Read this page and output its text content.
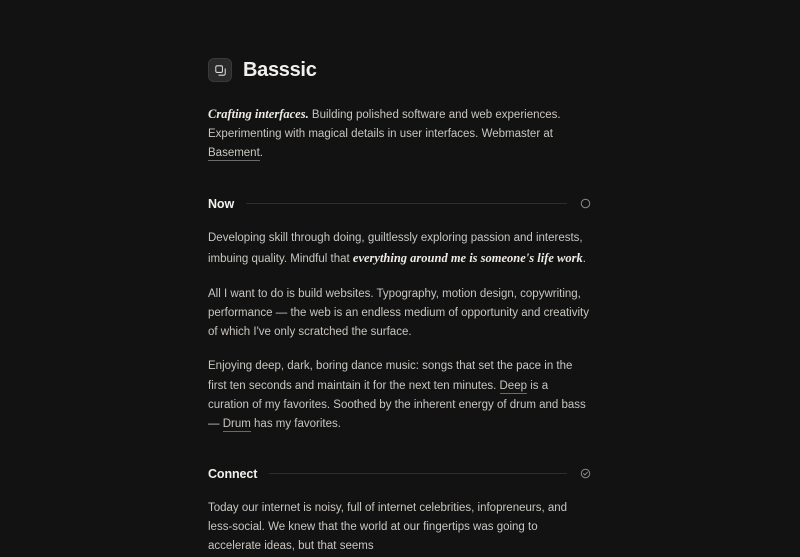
Basssic
Crafting interfaces. Building polished software and web experiences. Experimenting with magical details in user interfaces. Webmaster at Basement.
Now

Developing skill through doing, guiltlessly exploring passion and interests, imbuing quality. Mindful that everything around me is someone's life work.

All I want to do is build websites. Typography, motion design, copywriting, performance — the web is an endless medium of opportunity and creativity of which I've only scratched the surface.

Enjoying deep, dark, boring dance music: songs that set the pace in the first ten seconds and maintain it for the next ten minutes. Deep is a curation of my favorites. Soothed by the inherent energy of drum and bass — Drum has my favorites.

Connect

Today our internet is noisy, full of internet celebrities, infopreneurs, and less-social. We knew that the world at our fingertips was going to accelerate ideas, but that seems
